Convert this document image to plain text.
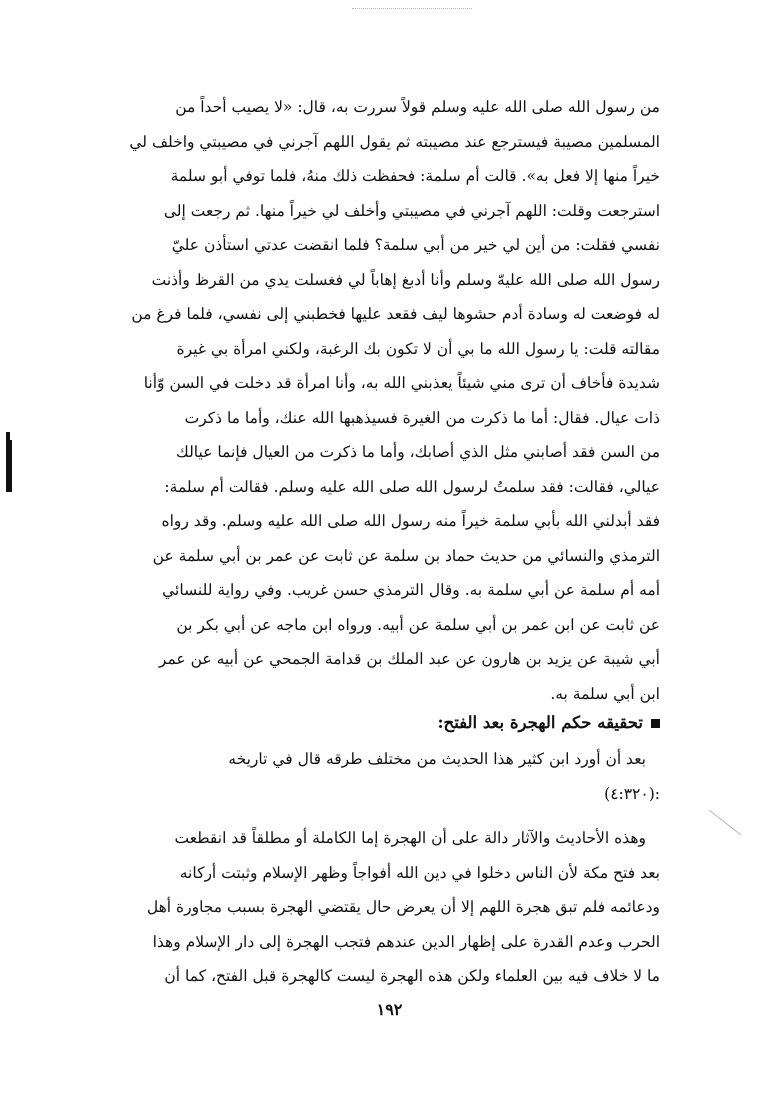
من رسول الله صلى الله عليه وسلم قولاً سررت به، قال: «لا يصيب أحداً من
المسلمين مصيبة فيسترجع عند مصيبته ثم يقول اللهم آجرني في مصيبتي واخلف لي
خيراً منها إلا فعل به». قالت أم سلمة: فحفظت ذلك منهُ، فلما توفي أبو سلمة
استرجعت وقلت: اللهم آجرني في مصيبتي وأخلف لي خيراً منها. ثم رجعت إلى
نفسي فقلت: من أين لي خير من أبي سلمة؟ فلما انقضت عدتي استأذن عليّ
رسول الله صلى الله عليهّ وسلم وأنا أدبغ إهاباً لي فغسلت يدي من القرظ وأذنت
له فوضعت له وسادة أدم حشوها ليف فقعد عليها فخطبني إلى نفسي، فلما فرغ من
مقالته قلت: يا رسول الله ما بي أن لا تكون بك الرغبة، ولكني امرأة بي غيرة
شديدة فأخاف أن ترى مني شيئاً يعذبني الله به، وأنا امرأة قد دخلت في السن وّأنا
ذات عيال. فقال: أما ما ذكرت من الغيرة فسيذهبها الله عنك، وأما ما ذكرت
من السن فقد أصابني مثل الذي أصابك، وأما ما ذكرت من العيال فإنما عيالك
عيالي، فقالت: فقد سلمتُ لرسول الله صلى الله عليه وسلم. فقالت أم سلمة:
فقد أبدلني الله بأبي سلمة خيراً منه رسول الله صلى الله عليه وسلم. وقد رواه
الترمذي والنسائي من حديث حماد بن سلمة عن ثابت عن عمر بن أبي سلمة عن
أمه أم سلمة عن أبي سلمة به. وقال الترمذي حسن غريب. وفي رواية للنسائي
عن ثابت عن ابن عمر بن أبي سلمة عن أبيه. ورواه ابن ماجه عن أبي بكر بن
أبي شيبة عن يزيد بن هارون عن عبد الملك بن قدامة الجمحي عن أبيه عن عمر
ابن أبي سلمة به.
تحقيقه حكم الهجرة بعد الفتح:
بعد أن أورد ابن كثير هذا الحديث من مختلف طرقه قال في تاريخه
:(٤:٣٢٠)
وهذه الأحاديث والآثار دالة على أن الهجرة إما الكاملة أو مطلقاً قد انقطعت
بعد فتح مكة لأن الناس دخلوا في دين الله أفواجاً وظهر الإسلام وثبتت أركانه
ودعائمه فلم تبق هجرة اللهم إلا أن يعرض حال يقتضي الهجرة بسبب مجاورة أهل
الحرب وعدم القدرة على إظهار الدين عندهم فتجب الهجرة إلى دار الإسلام وهذا
ما لا خلاف فيه بين العلماء ولكن هذه الهجرة ليست كالهجرة قبل الفتح، كما أن
١٩٢
